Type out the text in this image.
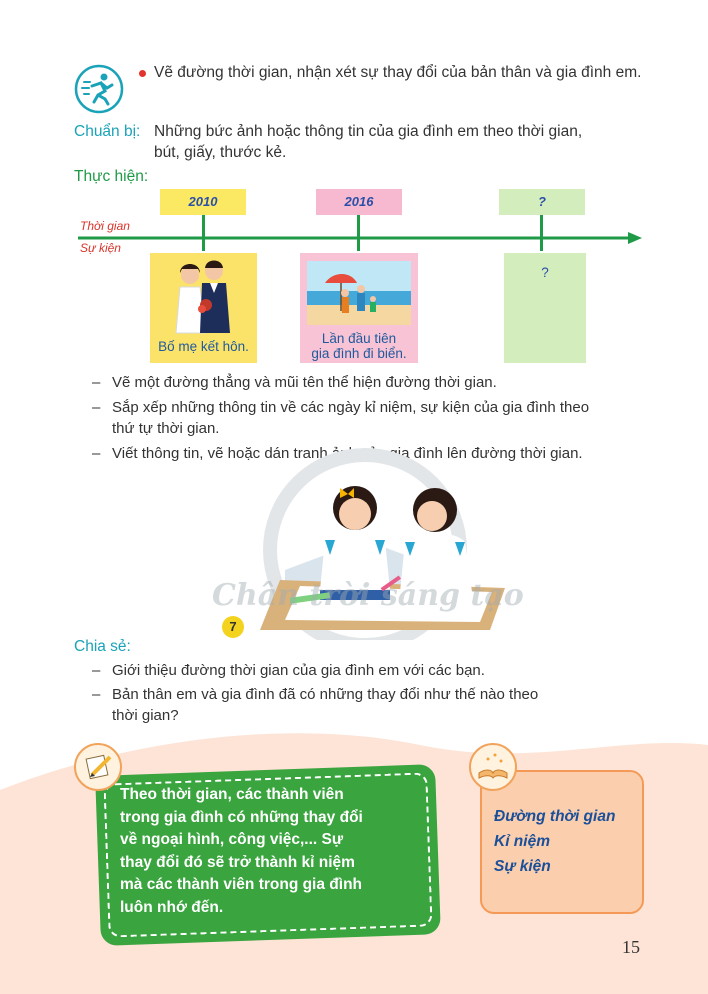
Vẽ đường thời gian, nhận xét sự thay đổi của bản thân và gia đình em.
Chuẩn bị: Những bức ảnh hoặc thông tin của gia đình em theo thời gian,
bút, giấy, thước kẻ.
Thực hiện:
2010	2016	?
Thời gian
Sự kiện
Bố mẹ kết hôn.
Lần đầu tiên
gia đình đi biển.
?
– Vẽ một đường thẳng và mũi tên thể hiện đường thời gian.
– Sắp xếp những thông tin về các ngày kỉ niệm, sự kiện của gia đình theo
thứ tự thời gian.
– Viết thông tin, vẽ hoặc dán tranh ảnh của gia đình lên đường thời gian.
Chân trời sáng tạo
7
Chia sẻ:
– Giới thiệu đường thời gian của gia đình em với các bạn.
– Bản thân em và gia đình đã có những thay đổi như thế nào theo
thời gian?
Theo thời gian, các thành viên
trong gia đình có những thay đổi
về ngoại hình, công việc,... Sự
thay đổi đó sẽ trở thành kỉ niệm
mà các thành viên trong gia đình
luôn nhớ đến.
Đường thời gian
Kỉ niệm
Sự kiện
15
